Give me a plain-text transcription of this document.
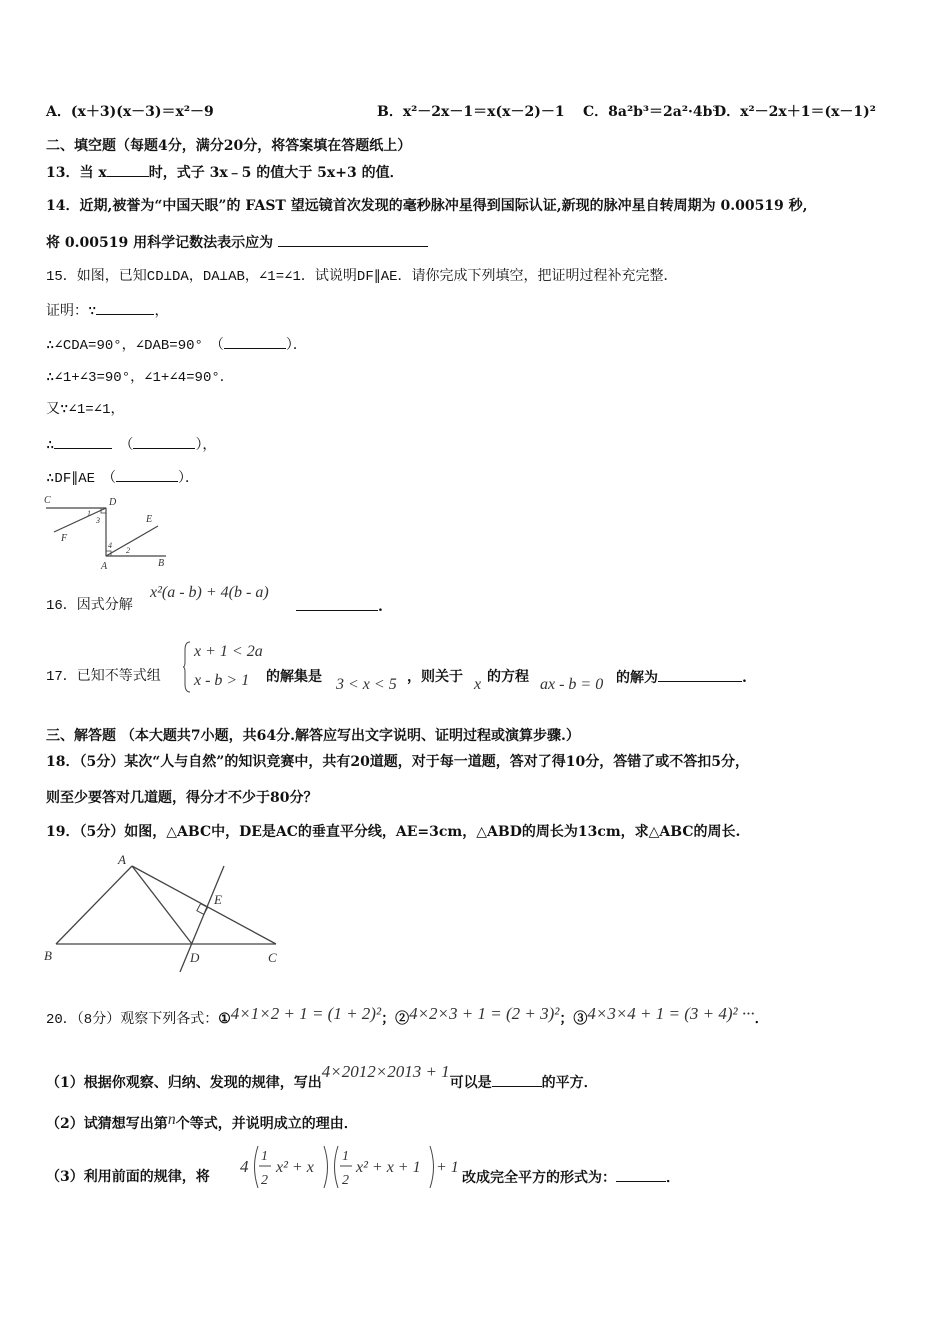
A．(x＋3)(x－3)＝x²－9	B．x²－2x－1＝x(x－2)－1 C．8a²b³＝2a²·4b³
D．x²－2x＋1＝(x－1)²
二、填空题（每题4分，满分20分，将答案填在答题纸上）
13．当 x	时，式子 3x﹣5 的值大于 5x+3 的值．
14．近期,被誉为“中国天眼”的 FAST 望远镜首次发现的毫秒脉冲星得到国际认证,新现的脉冲星自转周期为 0.00519 秒,
将 0.00519 用科学记数法表示应为
15．如图，已知CD⊥DA，DA⊥AB，∠1=∠1．试说明DF∥AE．请你完成下列填空，把证明过程补充完整．
证明：∵	，
∴∠CDA=90°，∠DAB=90°　（	）．
∴∠1+∠3=90°，∠1+∠4=90°．
又∵∠1=∠1，
∴	　（	），
∴DF∥AE　（	）．
C	D
1
3	E
F
4
2
A	B
16．因式分解
x²(a - b) + 4(b - a)
.
17．已知不等式组
x + 1 < 2a
x - b > 1 的解集是 3 < x < 5 ，则关于 x 的方程 ax - b = 0 的解为	.
三、解答题 （本大题共7小题，共64分.解答应写出文字说明、证明过程或演算步骤.）
18．（5分）某次“人与自然”的知识竞赛中，共有20道题，对于每一道题，答对了得10分，答错了或不答扣5分，
则至少要答对几道题，得分才不少于80分？
19．（5分）如图，△ABC中，DE是AC的垂直平分线，AE=3cm，△ABD的周长为13cm，求△ABC的周长.
A
E
B	D	C
20．（8分）观察下列各式：①4×1×2 + 1 = (1 + 2)²；②4×2×3 + 1 = (2 + 3)²；③4×3×4 + 1 = (3 + 4)² ···．
（1）根据你观察、归纳、发现的规律，写出4×2012×2013 + 1可以是	的平方．
（2）试猜想写出第n个等式，并说明成立的理由．
（3）利用前面的规律，将
4
1
2
x² + x
1
2
x² + x + 1 + 1
改成完全平方的形式为：	．
